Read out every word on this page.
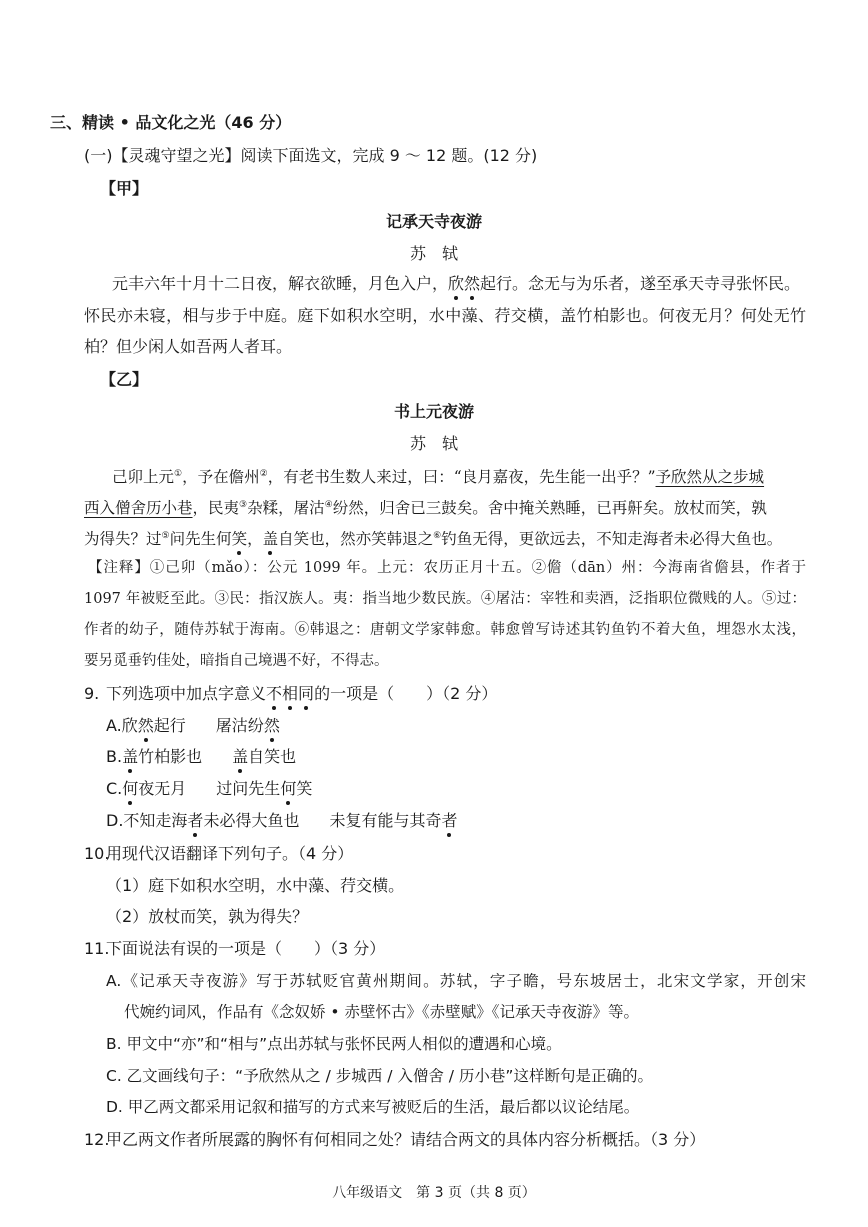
三、精读 • 品文化之光（46 分）
(一)【灵魂守望之光】阅读下面选文，完成 9 ～ 12 题。(12 分)
【甲】
记承天寺夜游
苏　轼
元丰六年十月十二日夜，解衣欲睡，月色入户，欣然起行。念无与为乐者，遂至承天寺寻张怀民。
怀民亦未寝，相与步于中庭。庭下如积水空明，水中藻、荇交横，盖竹柏影也。何夜无月？何处无竹
柏？但少闲人如吾两人者耳。
【乙】
书上元夜游
苏　轼
己卯上元①，予在儋州②，有老书生数人来过，曰：“良月嘉夜，先生能一出乎？”予欣然从之步城
西入僧舍历小巷，民夷③杂糅，屠沽④纷然，归舍已三鼓矣。舍中掩关熟睡，已再鼾矣。放杖而笑，孰
为得失？过⑤问先生何笑，盖自笑也，然亦笑韩退之⑥钓鱼无得，更欲远去，不知走海者未必得大鱼也。
【注释】①己卯（mǎo）：公元 1099 年。上元：农历正月十五。②儋（dān）州：今海南省儋县，作者于
1097 年被贬至此。③民：指汉族人。夷：指当地少数民族。④屠沽：宰牲和卖酒，泛指职位微贱的人。⑤过：
作者的幼子，随侍苏轼于海南。⑥韩退之：唐朝文学家韩愈。韩愈曾写诗述其钓鱼钓不着大鱼，埋怨水太浅，
要另觅垂钓佳处，暗指自己境遇不好，不得志。
9. 下列选项中加点字意义不相同的一项是（　　）（2 分）
A.欣然起行 屠沽纷然
B.盖竹柏影也 盖自笑也
C.何夜无月 过问先生何笑
D.不知走海者未必得大鱼也 未复有能与其奇者
10.用现代汉语翻译下列句子。（4 分）
（1）庭下如积水空明，水中藻、荇交横。
（2）放杖而笑，孰为得失？
11.下面说法有误的一项是（　　）（3 分）
A.《记承天寺夜游》写于苏轼贬官黄州期间。苏轼，字子瞻，号东坡居士，北宋文学家，开创宋
代婉约词风，作品有《念奴娇 • 赤壁怀古》《赤壁赋》《记承天寺夜游》等。
B. 甲文中“亦”和“相与”点出苏轼与张怀民两人相似的遭遇和心境。
C. 乙文画线句子：“予欣然从之 / 步城西 / 入僧舍 / 历小巷”这样断句是正确的。
D. 甲乙两文都采用记叙和描写的方式来写被贬后的生活，最后都以议论结尾。
12.甲乙两文作者所展露的胸怀有何相同之处？请结合两文的具体内容分析概括。（3 分）
八年级语文　第 3 页（共 8 页）
